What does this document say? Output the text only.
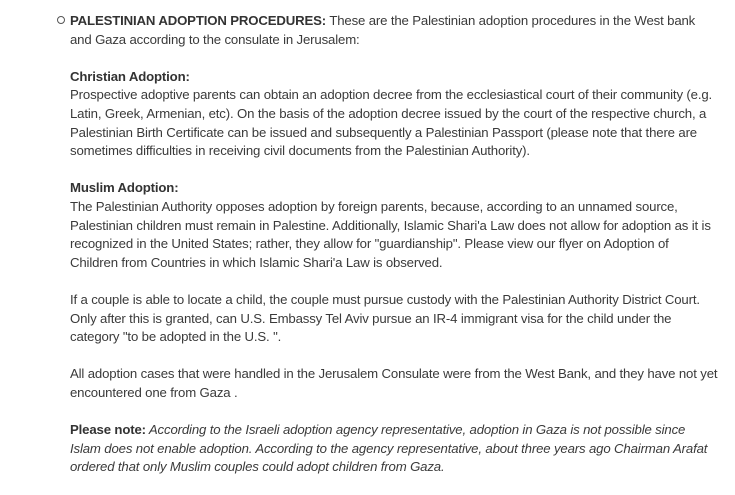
PALESTINIAN ADOPTION PROCEDURES: These are the Palestinian adoption procedures in the West bank and Gaza according to the consulate in Jerusalem:

Christian Adoption:
Prospective adoptive parents can obtain an adoption decree from the ecclesiastical court of their community (e.g. Latin, Greek, Armenian, etc). On the basis of the adoption decree issued by the court of the respective church, a Palestinian Birth Certificate can be issued and subsequently a Palestinian Passport (please note that there are sometimes difficulties in receiving civil documents from the Palestinian Authority).

Muslim Adoption:
The Palestinian Authority opposes adoption by foreign parents, because, according to an unnamed source, Palestinian children must remain in Palestine. Additionally, Islamic Shari'a Law does not allow for adoption as it is recognized in the United States; rather, they allow for "guardianship". Please view our flyer on Adoption of Children from Countries in which Islamic Shari'a Law is observed.

If a couple is able to locate a child, the couple must pursue custody with the Palestinian Authority District Court. Only after this is granted, can U.S. Embassy Tel Aviv pursue an IR-4 immigrant visa for the child under the category "to be adopted in the U.S. ".

All adoption cases that were handled in the Jerusalem Consulate were from the West Bank, and they have not yet encountered one from Gaza .

Please note: According to the Israeli adoption agency representative, adoption in Gaza is not possible since Islam does not enable adoption. According to the agency representative, about three years ago Chairman Arafat ordered that only Muslim couples could adopt children from Gaza.
